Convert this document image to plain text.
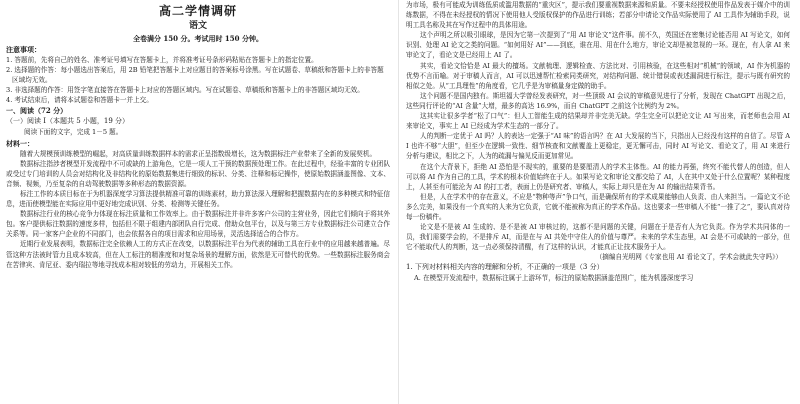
高二学情调研
语文
全卷满分 150 分。考试用时 150 分钟。
注意事项：
1. 答题前，先将自己的姓名、准考证号填写在答题卡上，并将准考证号条形码粘贴在答题卡上的指定位置。
2. 选择题的作答：每小题选出答案后，用 2B 铅笔把答题卡上对应题目的答案标号涂黑。写在试题卷、草稿纸和答题卡上的非答题区域均无效。
3. 非选择题的作答：用签字笔直接答在答题卡上对应的答题区域内。写在试题卷、草稿纸和答题卡上的非答题区域均无效。
4. 考试结束后，请将本试题卷和答题卡一并上交。
一、阅读（72 分）
（一）阅读 Ⅰ（本题共 5 小题，19 分）
阅读下面的文字，完成 1－5 题。
材料一：

随着大规模预训练模型的崛起，对高质量训练数据样本的需求正呈指数级增长，这为数据标注产业带来了全新的发展契机。

数据标注指涉者模型开发流程中不可或缺的上游角色，它是一项人工干预的数据预处理工作。在此过程中，经验丰富的专业团队或受过专门培训的人员会对结构化及非结构化的原始数据集进行细致的标识、分类、注释和标记操作，使原始数据涵盖图像、文本、音频、视频，乃至复杂的自动驾驶数据等多种形态的数据资源。

标注工作的本质目标在于为机器深度学习算法提供精准可靠的训练素材，助力算法深入理解和把握数据内在的多种模式和特征信息，进而使模型能在实际应用中更好地完成识别、分类、检测等关键任务。

数据标注行业的核心竞争力体现在标注质量和工作效率上。由于数据标注并非许多客户公司的主营业务，因此它们倾向于将其外包。客户提供标注数据的速度多样，包括但不限于组建内部团队自行完成、借助众包平台，以及与第三方专业数据标注公司建立合作关系等。同一家客户企业的不同部门，也会依据各自的项目需求和应用场景，灵活选择适合的合作方。

近期行业发展表明，数据标注完全依赖人工的方式正在改变，以数据标注平台为代表的辅助工具在行业中的应用越来越普遍。尽管这种方法被时管力且成本较高，但在人工标注的精准度和对复杂场景的理解方面，依然是无可替代的优势。一些数据标注服务商会在苦律宾、肯尼亚、委内瑞拉等地寻找成本相对较低的劳动力，开展相关工作。

为市场，极有可能成为训练低质或滥用数据的“重灾区”，提示我们要重视数据来源和质量。不要未经授权使用作品发表于媒介中的训练数据，不得在未经授权的情况下使用他人受版权保护的作品进行训练；若部分申请论文作品实际使用了 AI 工具作为辅助手段，说明工具名称及其在写作过程中的具体用途。

这个声明之所以吸引眼球，是因为它第一次提到了“用 AI 审论文”这件事。前不久，英国还在密集讨论能否用 AI 写论文，如何识别、处理 AI 论文之类的问题。“如何用好 AI”——到底，谁在用、用在什么地方，审论文却是被忽视的一环。现在，有人拿 AI 来审论文了，看论文是已经用上 AI 了。

其实，看论文恰恰是 AI 最大的擅场。文献梳理、逻辑检查、方法比对、引用核验，在这些相对“机械”的领域，AI 作为机器的优势不言而喻。对于审稿人而言，AI 可以迅速帮忙检索同类研究，对结构问题、统计错误或表述漏洞进行标注，提示与既有研究的相似之处。从“工具理性”的角度看，它几乎是为审稿量身定做的助手。

这个问题不是国内独有。斯坦福大学曾经发表研究，对一些顶级 AI 会议的审稿意见进行了分析，发现在 ChatGPT 出现之后，这些同行评论的“AI 含量”大增，最多的高达 16.9%，而自 ChatGPT 之前这个比例约为 2%。

这其实让很多学者“松了口气”：但人工智能生成的结果却并非完美无缺。学生完全可以把论文让 AI 写出来，而老师也会用 AI 来审论文，事实上 AI 已经成为学术生态的一部分了。

人的判断一定优于 AI 吗？人的表达一定强于“AI 味”的语言吗？在 AI 大发展的当下，只指出人已经没有这样的自信了。尽管 AI 也许不够“大胆”，但至少在逻辑一致性、细节核查和文献覆盖上更稳定，更无懈可击，同时 AI 写论文、看论文了，用 AI 来进行分析与建议，相比之下，人为的疏漏与偏见反而更加常见。

在这个大背景下，拒绝 AI 恐怕是不现实的，重要的是要厘清人的学术主体性。AI 的能力再强，终究不能代替人的创造，但人可以将 AI 作为自己的工具，学术的根本价值始终在于人。如果写论文和审论文都交给了 AI，人在其中又处于什么位置呢？某种程度上，人甚至有可能沦为 AI 的打工者，表面上仍是研究者、审稿人，实际上却只是在为 AI 的输出结果背书。

但是，人在学术中的存在意义，不应是“物种等声”争口气，而是确保所有的学术成果能够由人负责、由人来担当。一篇论文不论多么完美，如果没有一个真实的人来为它负责，它就不能被称为真正的学术作品。这也要求一些审稿人不能“一推了之”，要认真对待每一份稿件。

论文是不是被 AI 生成的、是不是被 AI 审核过的，这都不是问题的关键，问题在于是否有人为它负责。作为学术共同体的一员，我们需要学会的，不是排斥 AI，而是在与 AI 共处中守住人的价值与尊严。未来的学术生态里，AI 会是不可或缺的一部分，但它不能取代人的判断，这一点必须保持清醒，有了这样的认识，才能真正让技术服务于人。

（摘编自光明网《专家也用 AI 看论文了，学术会就此失守吗》）
1. 下列对材料相关内容的理解和分析，不正确的一项是（3 分）
A. 在模型开发流程中，数据标注属于上游环节，标注的原始数据涵盖范围广，能为机器深度学习
